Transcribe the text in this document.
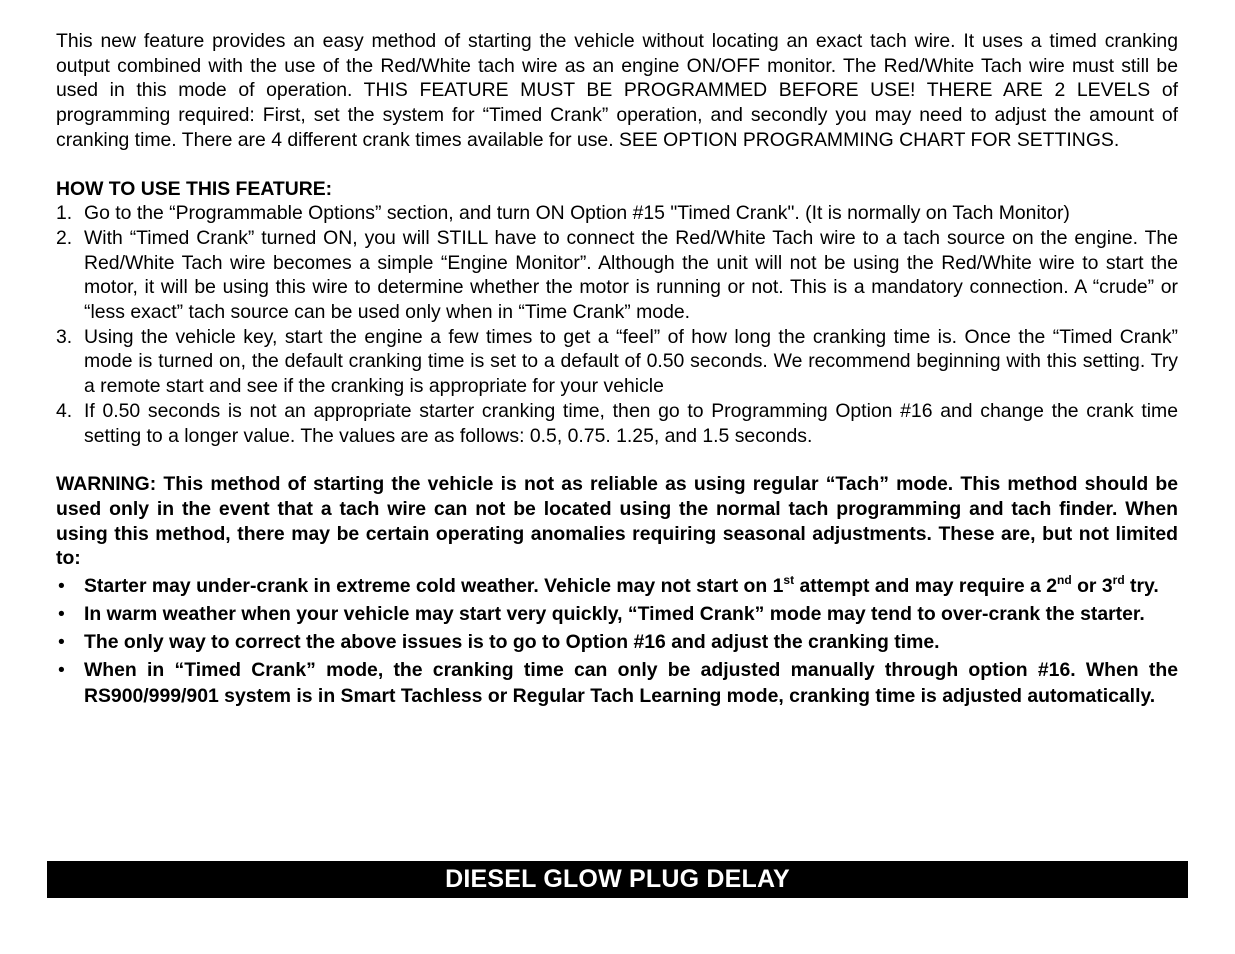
This new feature provides an easy method of starting the vehicle without locating an exact tach wire. It uses a timed cranking output combined with the use of the Red/White tach wire as an engine ON/OFF monitor. The Red/White Tach wire must still be used in this mode of operation. THIS FEATURE MUST BE PROGRAMMED BEFORE USE! THERE ARE 2 LEVELS of programming required: First, set the system for “Timed Crank” operation, and secondly you may need to adjust the amount of cranking time. There are 4 different crank times available for use. SEE OPTION PROGRAMMING CHART FOR SETTINGS.

HOW TO USE THIS FEATURE:

1. Go to the “Programmable Options” section, and turn ON Option #15 "Timed Crank". (It is normally on Tach Monitor)
2. With “Timed Crank” turned ON, you will STILL have to connect the Red/White Tach wire to a tach source on the engine. The Red/White Tach wire becomes a simple “Engine Monitor”. Although the unit will not be using the Red/White wire to start the motor, it will be using this wire to determine whether the motor is running or not. This is a mandatory connection. A “crude” or “less exact” tach source can be used only when in “Time Crank” mode.
3. Using the vehicle key, start the engine a few times to get a “feel” of how long the cranking time is. Once the “Timed Crank” mode is turned on, the default cranking time is set to a default of 0.50 seconds. We recommend beginning with this setting. Try a remote start and see if the cranking is appropriate for your vehicle
4. If 0.50 seconds is not an appropriate starter cranking time, then go to Programming Option #16 and change the crank time setting to a longer value. The values are as follows: 0.5, 0.75. 1.25, and 1.5 seconds.

WARNING: This method of starting the vehicle is not as reliable as using regular “Tach” mode. This method should be used only in the event that a tach wire can not be located using the normal tach programming and tach finder. When using this method, there may be certain operating anomalies requiring seasonal adjustments. These are, but not limited to:

• Starter may under-crank in extreme cold weather. Vehicle may not start on 1st attempt and may require a 2nd or 3rd try.
• In warm weather when your vehicle may start very quickly, “Timed Crank” mode may tend to over-crank the starter.
• The only way to correct the above issues is to go to Option #16 and adjust the cranking time.
• When in “Timed Crank” mode, the cranking time can only be adjusted manually through option #16. When the RS900/999/901 system is in Smart Tachless or Regular Tach Learning mode, cranking time is adjusted automatically.
DIESEL GLOW PLUG DELAY
